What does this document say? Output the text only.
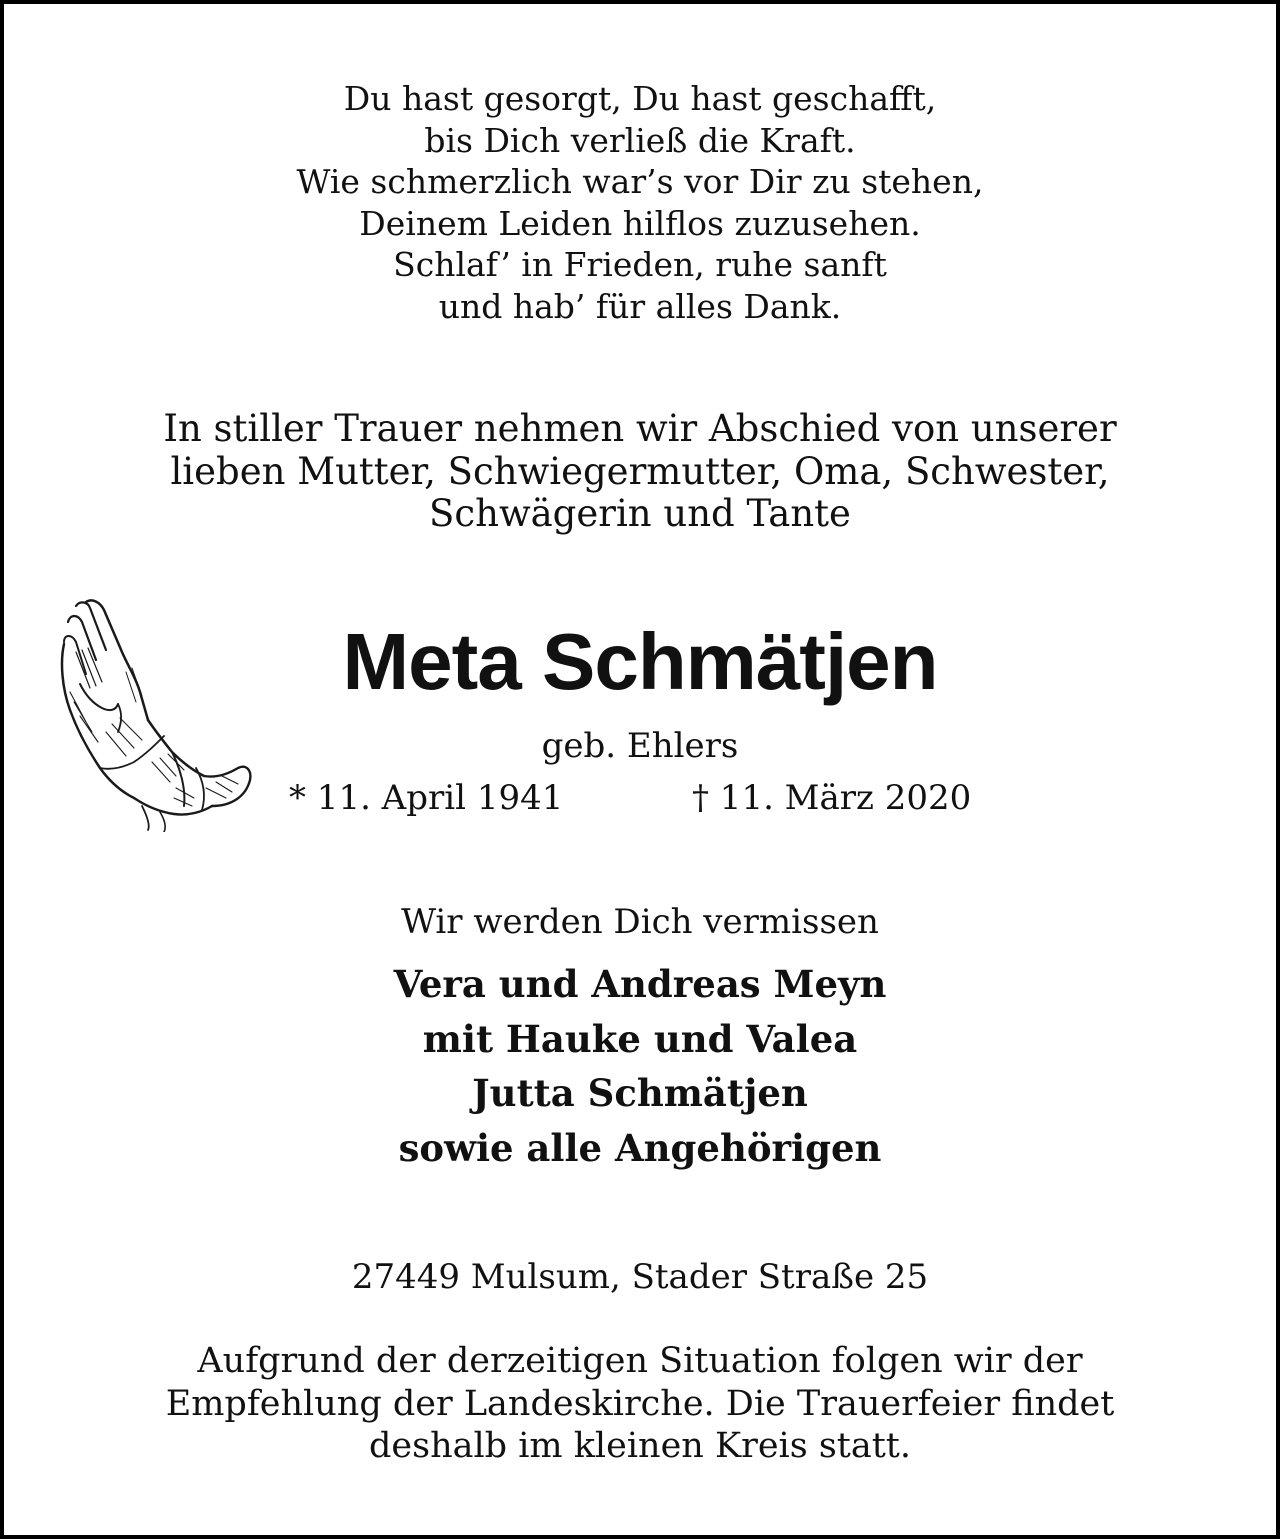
Du hast gesorgt, Du hast geschafft,
bis Dich verließ die Kraft.
Wie schmerzlich war’s vor Dir zu stehen,
Deinem Leiden hilflos zuzusehen.
Schlaf’ in Frieden, ruhe sanft
und hab’ für alles Dank.
In stiller Trauer nehmen wir Abschied von unserer
lieben Mutter, Schwiegermutter, Oma, Schwester,
Schwägerin und Tante
Meta Schmätjen
geb. Ehlers
* 11. April 1941	† 11. März 2020
Wir werden Dich vermissen
Vera und Andreas Meyn
mit Hauke und Valea
Jutta Schmätjen
sowie alle Angehörigen
27449 Mulsum, Stader Straße 25
Aufgrund der derzeitigen Situation folgen wir der
Empfehlung der Landeskirche. Die Trauerfeier findet
deshalb im kleinen Kreis statt.
